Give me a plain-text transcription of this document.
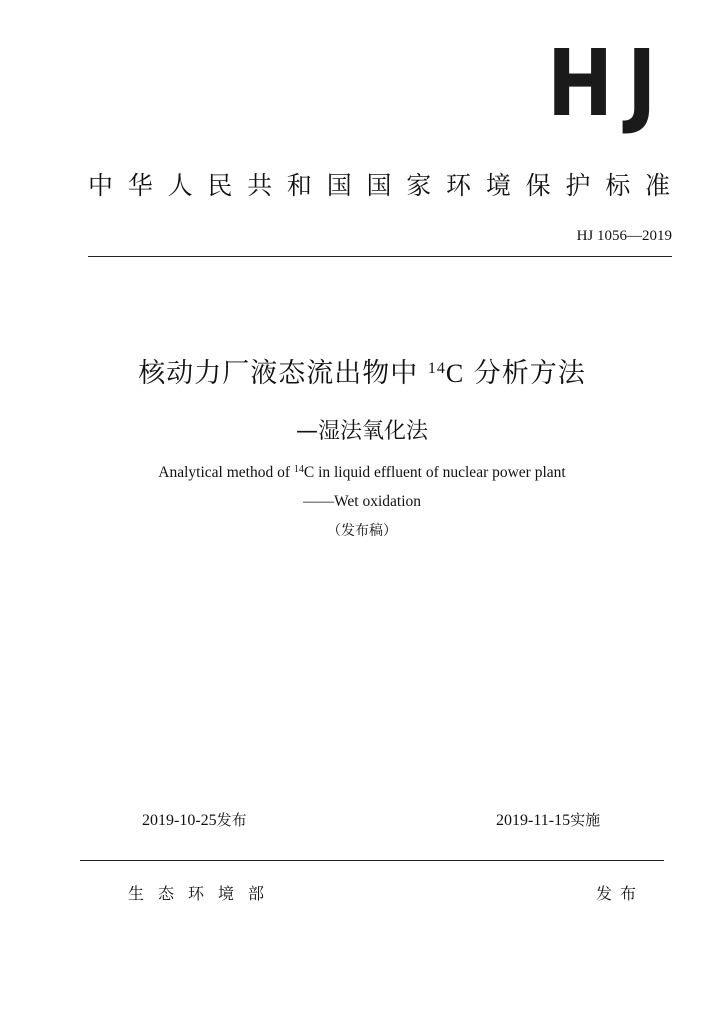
HJ
中华人民共和国国家环境保护标准
HJ 1056—2019
核动力厂液态流出物中 $^{14}$C 分析方法
—湿法氧化法
Analytical method of $^{14}$C in liquid effluent of nuclear power plant
——Wet oxidation
（发布稿）
2019-10-25发布	2019-11-15实施
生态环境部	发布
